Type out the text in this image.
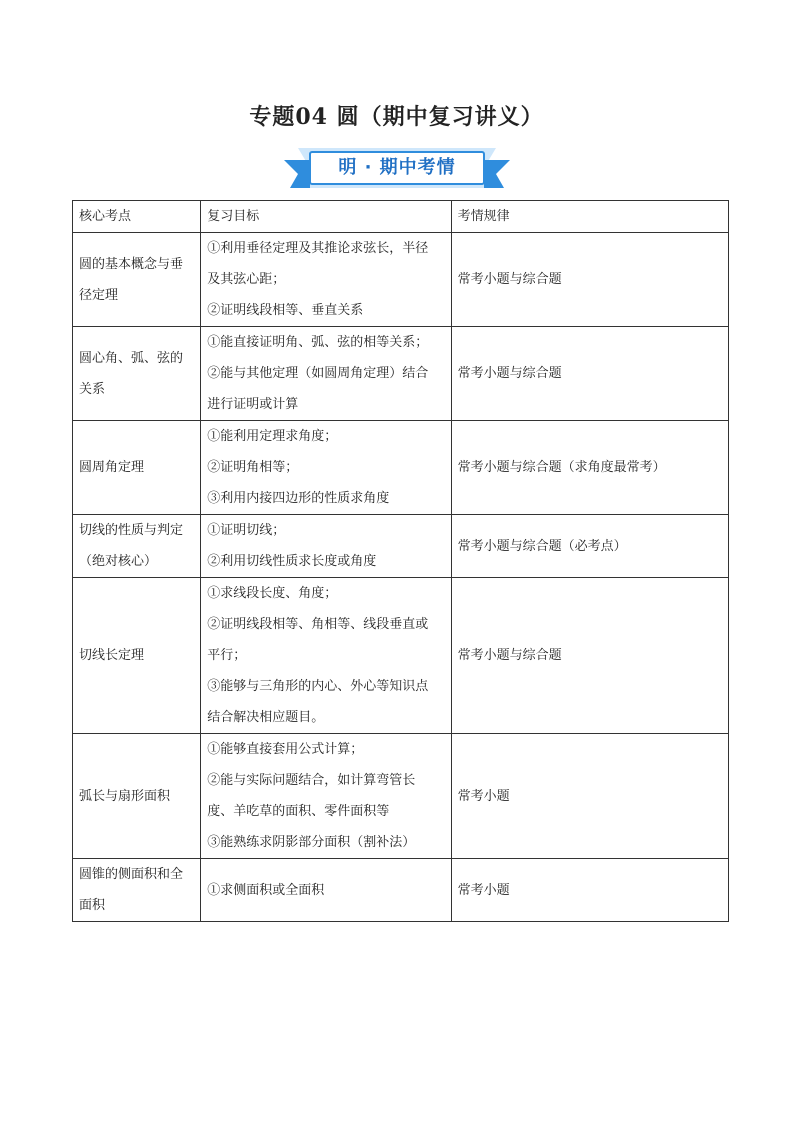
专题04 圆（期中复习讲义）
明 · 期中考情
核心考点	复习目标	考情规律

圆的基本概念与垂
径定理	①利用垂径定理及其推论求弦长，半径
及其弦心距；
②证明线段相等、垂直关系	常考小题与综合题

圆心角、弧、弦的
关系	①能直接证明角、弧、弦的相等关系；
②能与其他定理（如圆周角定理）结合
进行证明或计算	常考小题与综合题

圆周角定理	①能利用定理求角度；
②证明角相等；
③利用内接四边形的性质求角度	常考小题与综合题（求角度最常考）

切线的性质与判定
（绝对核心）	①证明切线；
②利用切线性质求长度或角度	常考小题与综合题（必考点）

切线长定理	①求线段长度、角度；
②证明线段相等、角相等、线段垂直或
平行；
③能够与三角形的内心、外心等知识点
结合解决相应题目。	常考小题与综合题

弧长与扇形面积	①能够直接套用公式计算；
②能与实际问题结合，如计算弯管长
度、羊吃草的面积、零件面积等
③能熟练求阴影部分面积（割补法）	常考小题

圆锥的侧面积和全
面积	①求侧面积或全面积	常考小题
